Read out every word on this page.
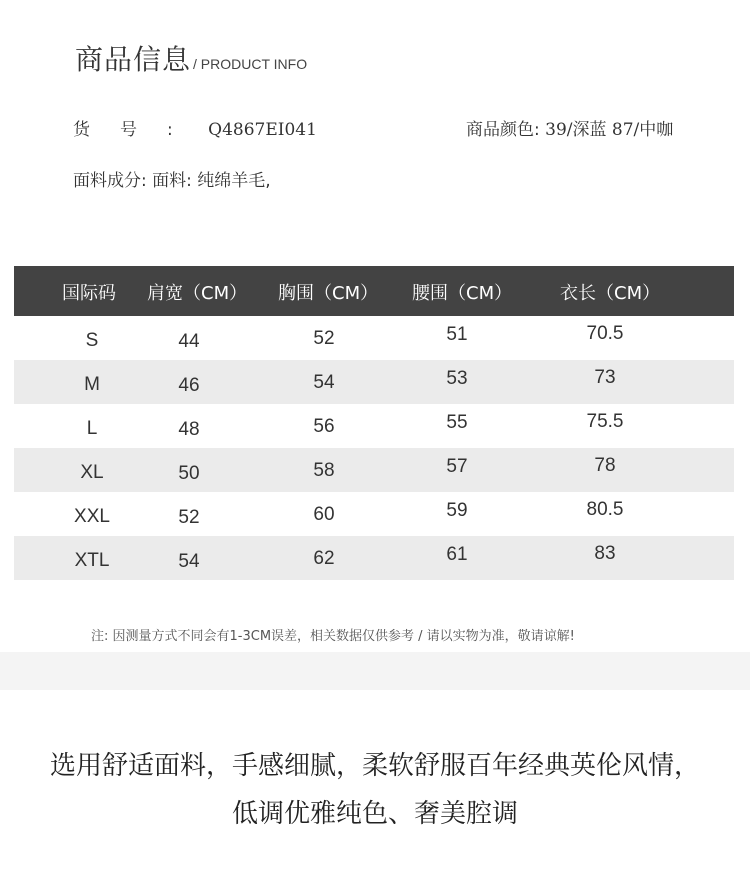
商品信息 / PRODUCT INFO
货号: Q4867EI041	商品颜色: 39/深蓝 87/中咖
面料成分: 面料: 纯绵羊毛,
国际码 肩宽（CM） 胸围（CM） 腰围（CM）	衣长（CM）
S	44	52	51	70.5
M	46	54	53	73
L	48	56	55	75.5
XL	50	58	57	78
XXL	52	60	59	80.5
XTL	54	62	61	83
注: 因测量方式不同会有1-3CM误差，相关数据仅供参考 / 请以实物为准，敬请谅解!
选用舒适面料，手感细腻，柔软舒服百年经典英伦风情，
低调优雅纯色、奢美腔调
